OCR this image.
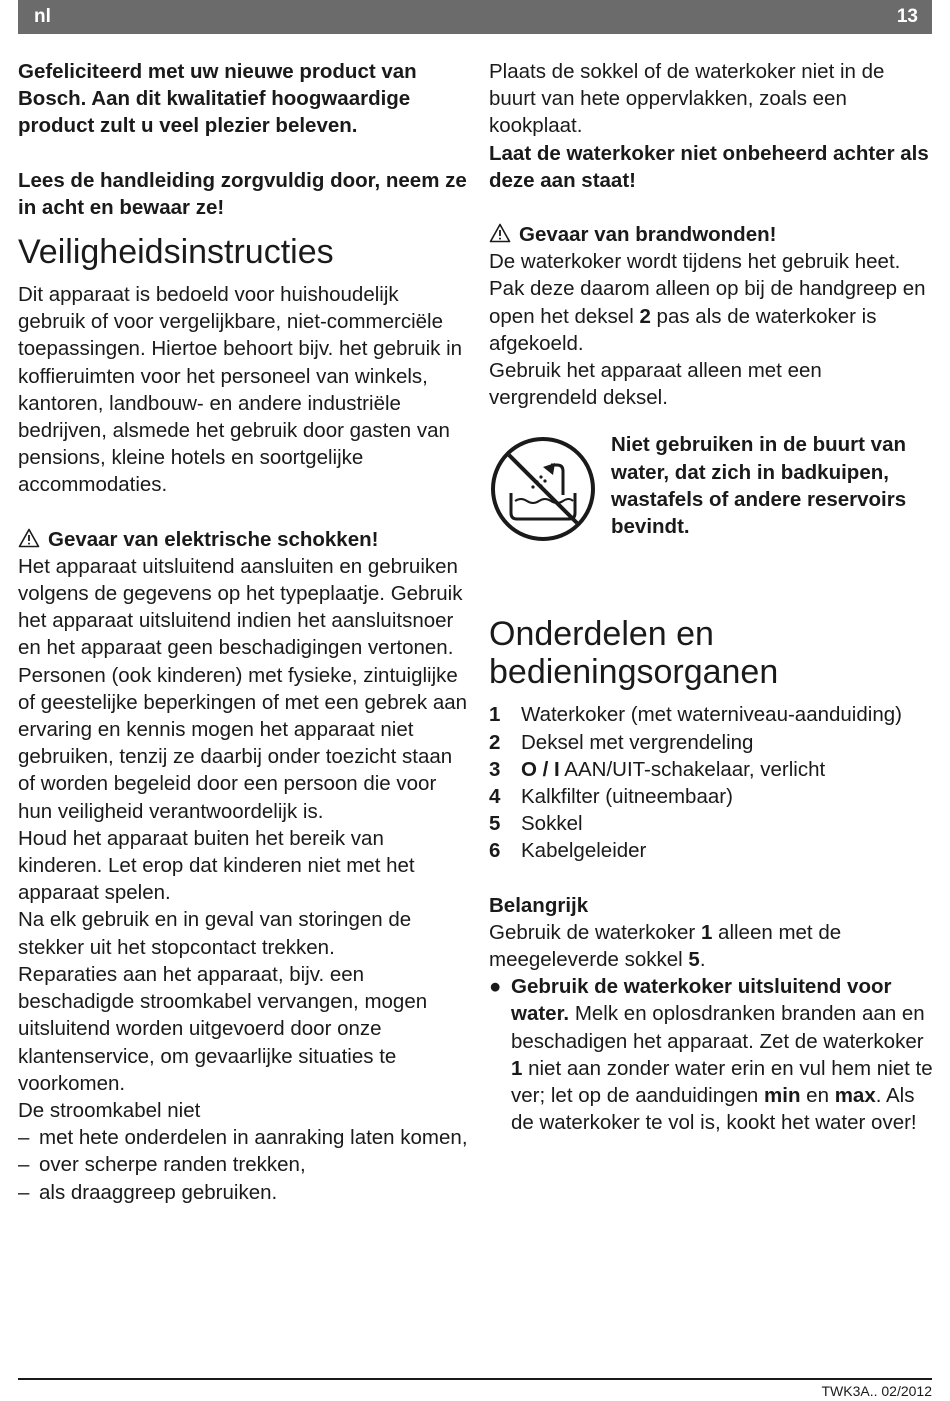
nl	13

Gefeliciteerd met uw nieuwe product van Bosch. Aan dit kwalitatief hoogwaardige product zult u veel plezier beleven.

Lees de handleiding zorgvuldig door, neem ze in acht en bewaar ze!

Veiligheidsinstructies

Dit apparaat is bedoeld voor huishoudelijk gebruik of voor vergelijkbare, niet-commerciële toepassingen. Hiertoe behoort bijv. het gebruik in koffieruimten voor het personeel van winkels, kantoren, landbouw- en andere industriële bedrijven, alsmede het gebruik door gasten van pensions, kleine hotels en soortgelijke accommodaties.

Gevaar van elektrische schokken!

Het apparaat uitsluitend aansluiten en gebruiken volgens de gegevens op het typeplaatje. Gebruik het apparaat uitsluitend indien het aansluitsnoer en het apparaat geen beschadigingen vertonen.

Personen (ook kinderen) met fysieke, zintuiglijke of geestelijke beperkingen of met een gebrek aan ervaring en kennis mogen het apparaat niet gebruiken, tenzij ze daarbij onder toezicht staan of worden begeleid door een persoon die voor hun veiligheid verantwoordelijk is.

Houd het apparaat buiten het bereik van kinderen. Let erop dat kinderen niet met het apparaat spelen.

Na elk gebruik en in geval van storingen de stekker uit het stopcontact trekken.

Reparaties aan het apparaat, bijv. een beschadigde stroomkabel vervangen, mogen uitsluitend worden uitgevoerd door onze klantenservice, om gevaarlijke situaties te voorkomen.

De stroomkabel niet

– met hete onderdelen in aanraking laten komen,
– over scherpe randen trekken,
– als draaggreep gebruiken.

Plaats de sokkel of de waterkoker niet in de buurt van hete oppervlakken, zoals een kookplaat.

Laat de waterkoker niet onbeheerd achter als deze aan staat!

Gevaar van brandwonden!

De waterkoker wordt tijdens het gebruik heet. Pak deze daarom alleen op bij de handgreep en open het deksel 2 pas als de waterkoker is afgekoeld.

Gebruik het apparaat alleen met een vergrendeld deksel.

Niet gebruiken in de buurt van water, dat zich in badkuipen, wastafels of andere reservoirs bevindt.

Onderdelen en bedieningsorganen
1	Waterkoker (met waterniveau-aanduiding)
2	Deksel met vergrendeling
3	O / I AAN/UIT-schakelaar, verlicht
4	Kalkfilter (uitneembaar)
5	Sokkel
6	Kabelgeleider

Belangrijk

Gebruik de waterkoker 1 alleen met de meegeleverde sokkel 5.

● Gebruik de waterkoker uitsluitend voor water. Melk en oplosdranken branden aan en beschadigen het apparaat. Zet de waterkoker 1 niet aan zonder water erin en vul hem niet te ver; let op de aanduidingen min en max. Als de waterkoker te vol is, kookt het water over!
TWK3A.. 02/2012
